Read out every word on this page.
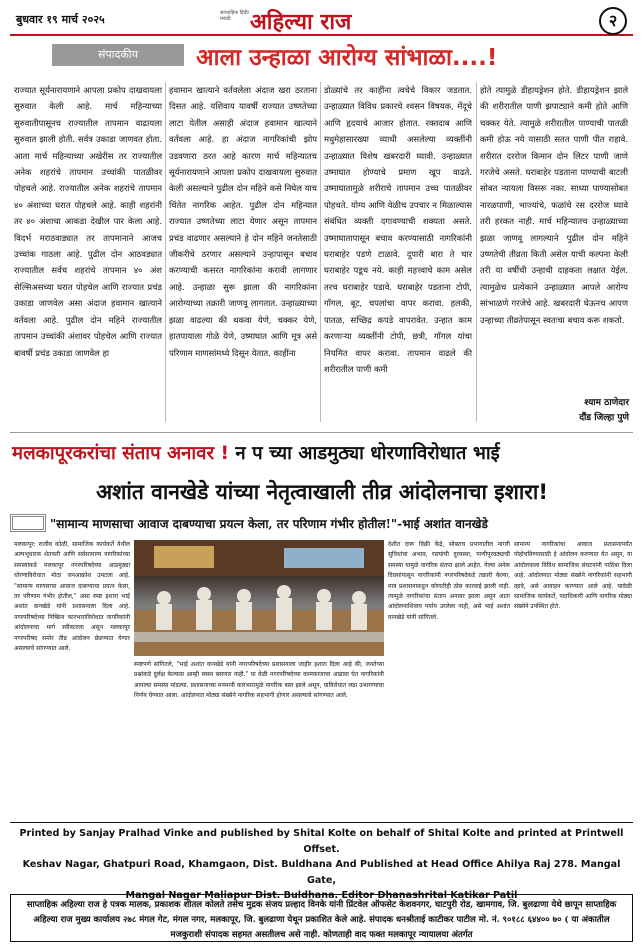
बुधवार १९ मार्च २०२५	साप्ताहिक हिंदी/मराठी अहिल्या राज	२
संपादकीय	आला उन्हाळा आरोग्य सांभाळा....!
राज्यात सूर्यनारायणाने आपला प्रकोप दाखवायला सुरुवात केली आहे. मार्च महिन्याच्या सुरुवातीपासूनच राज्यातील तापमान वाढायला सुरुवात झाली होती. सर्वत्र उकाडा जाणवत होता. आता मार्च महिन्याच्या अखेरीस तर राज्यातील अनेक शहरांचे तापमान उच्चांकी पातळीवर पोहचले आहे. राज्यातील अनेक शहरांचे तापमान ४० अंशाच्या घरात पोहचले आहे. काही शहरांनी तर ४० अंशाचा आकडा देखील पार केला आहे. विदर्भ मराठवाड्यात तर तापमानाने आजच उच्चांक गाठला आहे. पुढील दोन आठवड्यात राज्यातील सर्वच शहरांचे तापमान ४० अंश सेल्सिअसच्या घरात पोहचेल आणि राज्यात प्रचंड उकाडा जाणवेल असा अंदाज हवामान खात्याने वर्तवला आहे. पुढील दोन महिने राज्यातील तापमान उच्चांकी अंशावर पोहचेल आणि राज्यात बावर्षी प्रचंड उकाडा जाणवेल हा
हवामान खात्याने वर्तवलेला अंदाज खरा ठरताना दिसत आहे. यशिवाय यावर्षी राज्यात उष्णतेच्या लाटा येतील असाही अंदाज हवामान खात्याने वर्तवला आहे. हा अंदाज नागरिकांची झोप उडवणारा ठरत आहे कारण मार्च महिन्यातच सूर्यनारायणाने आपला प्रकोप दाखवायला सुरुवात केली असल्याने पुढील दोन महिने कसे निघेल याच चिंतेत नागरिक आहेत. पुढील दोन महिन्यात राज्यात उष्णतेच्या लाटा येणार असून तापमान प्रचंड वाढणार असल्याने हे दोन महिने जनतेसाठी जीकरीचे ठरणार असल्याने उन्हापासून बचाव करण्याची कसरत नागरिकांना करावी लागणार आहे. उन्हाळा सुरू झाला की नागरिकांना आरोग्याच्या तक्रारी जाणवू लागतात. उन्हाळ्याच्या झळा वाढल्या की थकवा येणे, चक्कर येणे, हातपायाला गोळे येणे, उष्माघात आणि मूत्र असे परिणाम माणसांमध्ये दिसून येतात. काहींना
डोळ्यांचे तर काहींना त्वचेचे विकार जडतात. उन्हाळ्यात विविध प्रकारचे श्वसन विषयक, मेंदूचे आणि हृदयाचे आजार होतात. रक्तदाब आणि मधुमेहासारख्या व्याधी असलेल्या व्यक्तींनी उन्हाळ्यात विशेष खबरदारी घ्यावी. उन्हाळ्यात उष्माघात होण्याचे प्रमाण खूप वाढते. उष्माघातामुळे शरीराचे तापमान उच्च पातळीवर पोहचते. योग्य आणि वेळीच उपचार न मिळाल्यास संबंधित व्यक्ती दगावण्याची शक्यता असते. उष्माघातापासून बचाव करण्यासाठी नागरिकांनी घराबाहेर पडणे टाळावे. दुपारी बारा ते चार घराबाहेर पडूच नये. काही महत्त्वाचे काम असेल तरच घराबाहेर पडावे. घराबाहेर पडताना टोपी, गॉगल, बूट, चपलांचा वापर करावा. हलकी, पातळ, सच्छिद्र कपडे वापरावेत. उन्हात काम करणाऱ्या व्यक्तींनी टोपी, छत्री, गॉगल यांचा नियमित वापर करावा. तापमान वाढले की शरीरातील पाणी कमी
होते त्यामुळे डीहायड्रेशन होते. डीहायड्रेशन झाले की शरीरातील पाणी झपाट्याने कमी होते आणि चक्कर येते. त्यामुळे शरीरातील पाण्याची पातळी कमी होऊ नये यासाठी सतत पाणी पीत राहावे. शरीरात दररोज किमान दोन लिटर पाणी जाणे गरजेचे असते. घराबाहेर पडताना पाण्याची बाटली सोबत न्यायला विसरू नका. साध्या पाण्यासोबत नारळपाणी, भाज्यांचे, फळांचे रस दररोज घ्यावे तरी हरकत नाही. मार्च महिन्यातच उन्हाळ्याच्या झळा जाणवू लागल्याने पुढील दोन महिने उष्णतेची तीव्रता किती असेल याची कल्पना केली तरी या वर्षीची उन्हाची दाहकता लक्षात येईल. त्यामुळेच प्रत्येकाने उन्हाळ्यात आपले आरोग्य सांभाळणे गरजेचे आहे. खबरदारी घेऊनच आपण उन्हाच्या तीव्रतेपासून स्वतःचा बचाव करू शकतो.
श्याम ठाणेदार
दौंड जिल्हा पुणे
मलकापूरकरांचा संताप अनावर ! न प च्या आडमुठ्या धोरणाविरोधात भाई
अशांत वानखेडे यांच्या नेतृत्वाखाली तीव्र आंदोलनाचा इशारा!
"सामान्य माणसाचा आवाज दाबण्याचा प्रयत्न केला, तर परिणाम गंभीर होतील!"-भाई अशांत वानखेडे
मलकापूर: राजीव कोळी, सामाजिक कार्यकर्ते येथील अल्पभूधारक शेतकरी आणि सर्वसामान्य नागरिकांच्या समस्यांकडे मलकापूर नगरपरिषदेच्या आडमुठ्या धोरणाविरोधात मोठा जनआक्रोश उमटला आहे. "सामान्य माणसाचा आवाज दाबण्याचा प्रयत्न केला, तर परिणाम गंभीर होतील," असा स्पष्ट इशारा भाई अशांत वानखेडे यांनी प्रशासनाला दिला आहे. नगरपरिषदेच्या निष्क्रिय कारभाराविरोधात नागरिकांनी आंदोलनाचा मार्ग स्वीकारला असून मलकापूर नगरपरिषद समोर तीव्र आंदोलन छेडण्यात येणार असल्याचे सांगण्यात आले.
स्पष्टपणे सांगितले, "भाई अशांत वानखेडे यांनी नगरपरिषदेच्या प्रशासनाला जाहीर इशारा दिला आहे की, जनतेच्या प्रश्नांकडे दुर्लक्ष केल्यास आम्ही स्वस्थ बसणार नाही." या वेळी नगरपरिषदेच्या कामकाजाचा आढावा घेत नागरिकांनी आपल्या समस्या मांडल्या. प्रशासनाच्या मनमानी कारभारामुळे नागरिक त्रस्त झाले असून, याविरोधात लढा उभारण्याचा निर्णय घेण्यात आला. आंदोलनात मोठ्या संख्येने नागरिक सहभागी होणार असल्याचे सांगण्यात आले.
देशीत दारू विक्री केंद्रे, सोबतच प्रभागातील नागरी सुविधांचा अभाव, रस्त्यांची दुरवस्था, पाणीपुरवठ्याची समस्या यामुळे नागरिक संतप्त झाले आहेत. गेल्या अनेक दिवसांपासून नागरिकांनी नगरपरिषदेकडे तक्रारी केल्या, मात्र प्रशासनाकडून कोणतीही ठोस कारवाई झाली नाही. त्यामुळे नागरिकांचा संताप अनावर झाला असून आता आंदोलनाशिवाय पर्याय उरलेला नाही, असे भाई अशांत वानखेडे यांनी सांगितले.
सामान्य नागरिकांचा आवाज प्रशासनापर्यंत पोहोचविण्यासाठी हे आंदोलन करण्यात येत असून, या आंदोलनाला विविध सामाजिक संघटनांनी पाठिंबा दिला आहे. आंदोलनात मोठ्या संख्येने नागरिकांनी सहभागी व्हावे, असे आवाहन करण्यात आले आहे. यावेळी सामाजिक कार्यकर्ते, पदाधिकारी आणि नागरिक मोठ्या संख्येने उपस्थित होते.
Printed by Sanjay Pralhad Vinke and published by Shital Kolte on behalf of Shital Kolte and printed at Printwell Offset.
Keshav Nagar, Ghatpuri Road, Khamgaon, Dist. Buldhana And Published at Head Office Ahilya Raj 278. Mangal Gate,
Mangal Nagar Maliapur Dist. Buldhana. Editor Dhanashrital Katikar Patil
साप्ताहिक अहिल्या राज हे पत्रक मालक, प्रकाशक शीतल कोलते तसेच मुद्रक संजय प्रल्हाद विनके यांनी प्रिंटवेल ऑफसेट केशवनगर, घाटपुरी रोड, खामगाव, जि. बुलढाणा येथे छापून साप्ताहिक अहिल्या राज मुख्य कार्यालय २७८ मंगल गेट, मंगल नगर, मलकापूर, जि. बुलढाणा येथून प्रकाशित केले आहे. संपादक धनश्रीताई काटीकर पाटील मो. नं. ९०१८८ ६४४०० ७० ( या अंकातील मजकुराशी संपादक सहमत असतीलच असे नाही. कोणताही वाद फक्त मलकापूर न्यायालया अंतर्गत
